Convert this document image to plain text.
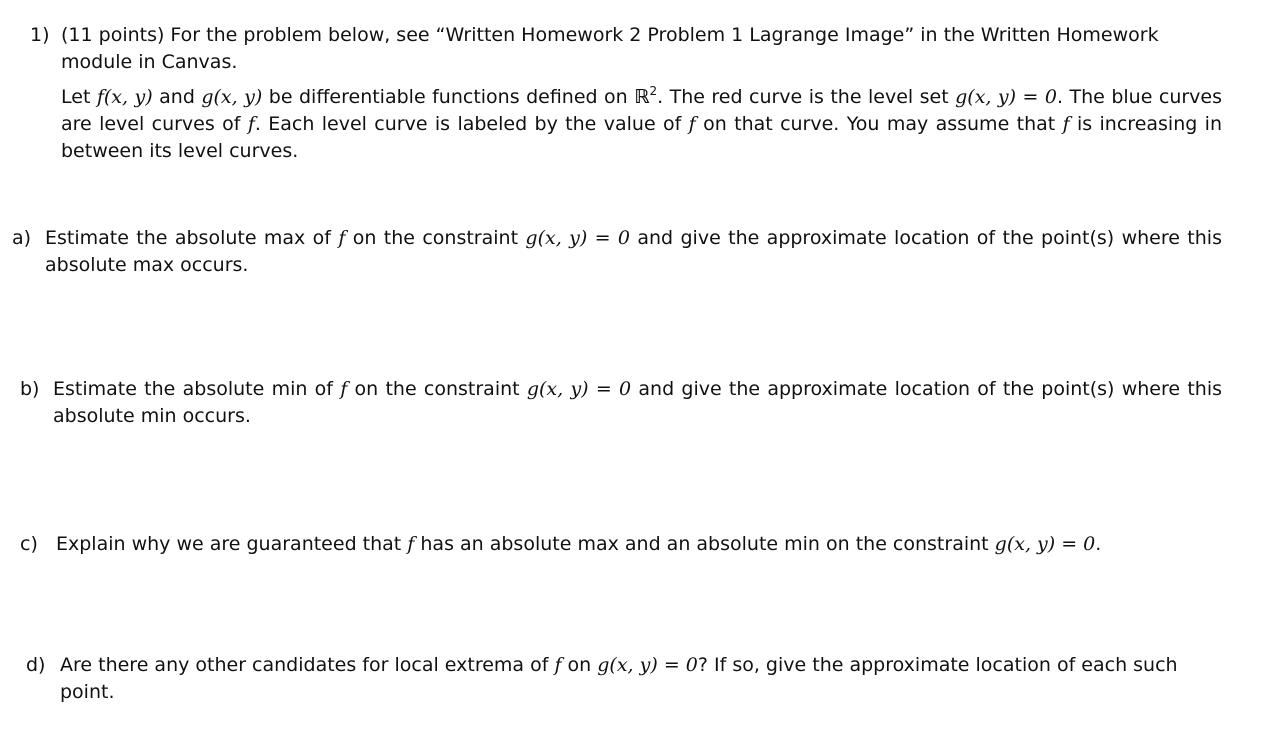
1) (11 points) For the problem below, see “Written Homework 2 Problem 1 Lagrange Image” in the Written Homework module in Canvas.
Let f(x, y) and g(x, y) be differentiable functions defined on ℝ$^2$. The red curve is the level set g(x, y) = 0. The blue curves are level curves of f. Each level curve is labeled by the value of f on that curve. You may assume that f is increasing in between its level curves.
a) Estimate the absolute max of f on the constraint g(x, y) = 0 and give the approximate location of the point(s) where this absolute max occurs.
b) Estimate the absolute min of f on the constraint g(x, y) = 0 and give the approximate location of the point(s) where this absolute min occurs.
c) Explain why we are guaranteed that f has an absolute max and an absolute min on the constraint g(x, y) = 0.
d) Are there any other candidates for local extrema of f on g(x, y) = 0? If so, give the approximate location of each such point.
